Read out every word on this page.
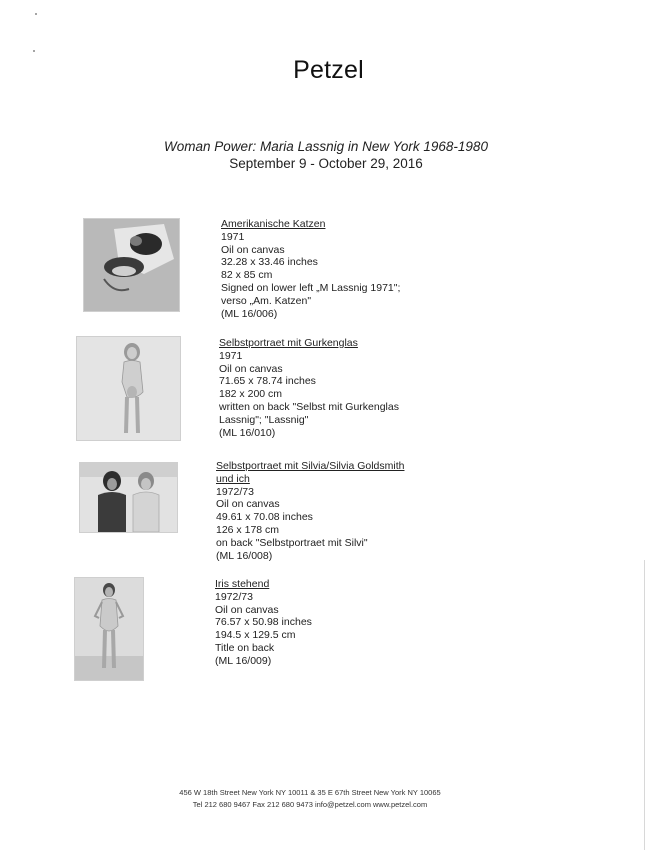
Petzel
Woman Power: Maria Lassnig in New York 1968-1980
September 9 - October 29, 2016
Amerikanische Katzen
1971
Oil on canvas
32.28 x 33.46 inches
82 x 85 cm
Signed on lower left „M Lassnig 1971";
verso „Am. Katzen"
(ML 16/006)
Selbstportraet mit Gurkenglas
1971
Oil on canvas
71.65 x 78.74 inches
182 x 200 cm
written on back "Selbst mit Gurkenglas
Lassnig"; "Lassnig"
(ML 16/010)
Selbstportraet mit Silvia/Silvia Goldsmith
und ich
1972/73
Oil on canvas
49.61 x 70.08 inches
126 x 178 cm
on back "Selbstportraet mit Silvi"
(ML 16/008)
Iris stehend
1972/73
Oil on canvas
76.57 x 50.98 inches
194.5 x 129.5 cm
Title on back
(ML 16/009)
456 W 18th Street New York NY 10011 & 35 E 67th Street New York NY 10065
Tel 212 680 9467 Fax 212 680 9473 info@petzel.com www.petzel.com
